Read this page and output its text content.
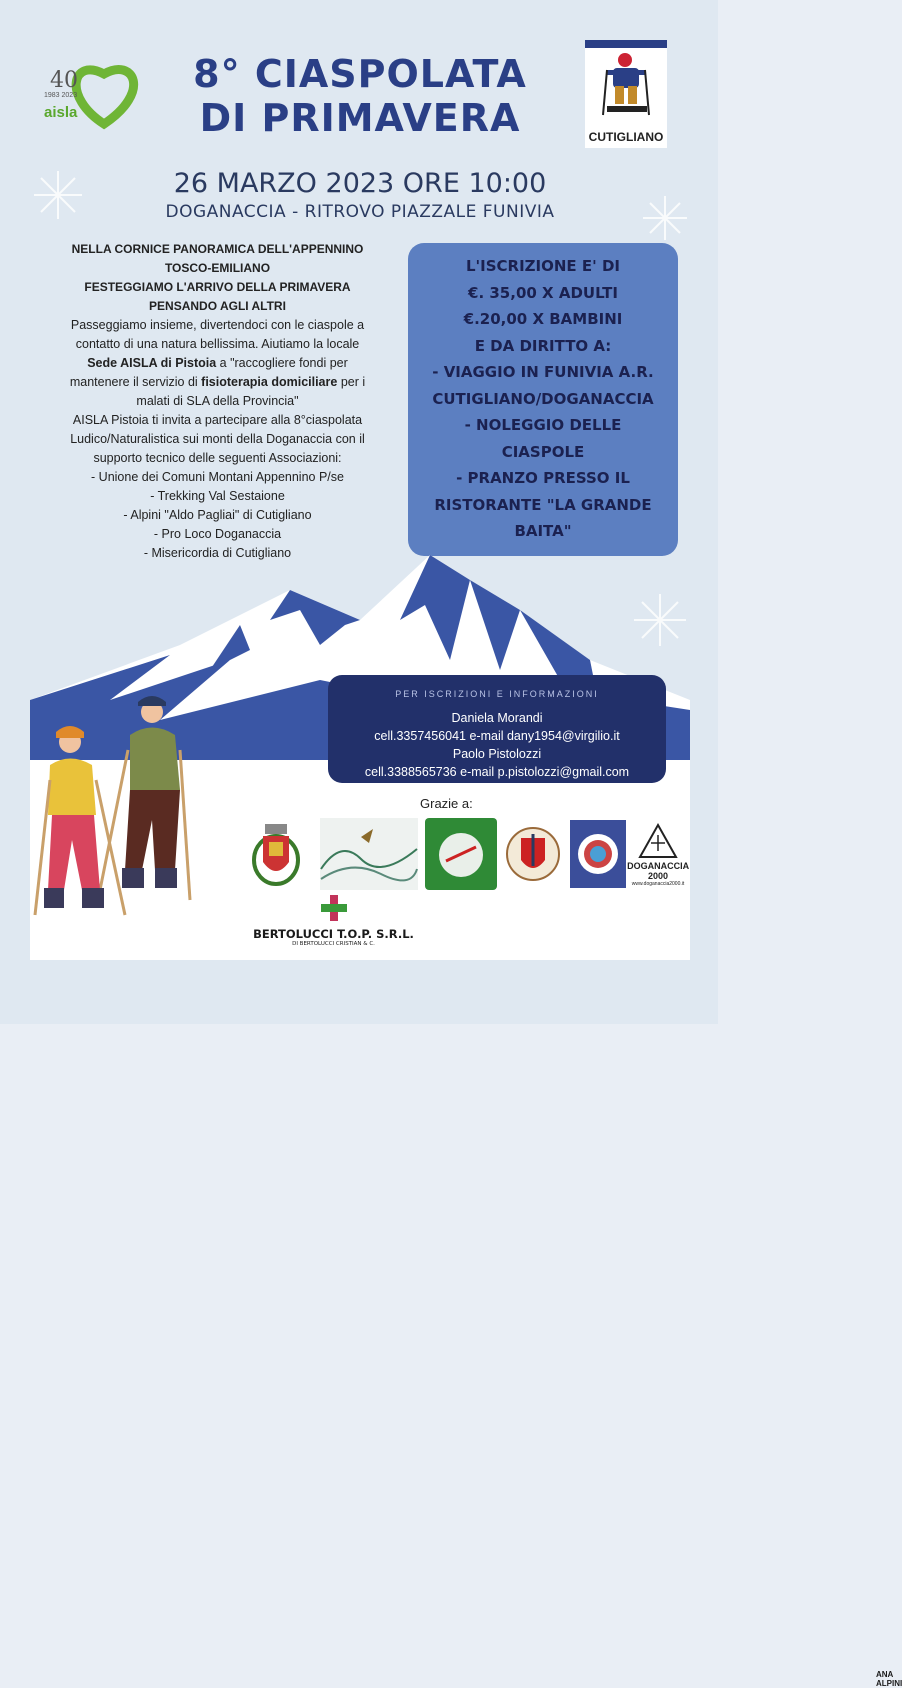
40
1983 2023
aisla
8° CIASPOLATA
DI PRIMAVERA	CUTIGLIANO
26 MARZO 2023 ORE 10:00
DOGANACCIA - RITROVO PIAZZALE FUNIVIA

NELLA CORNICE PANORAMICA DELL'APPENNINO

TOSCO-EMILIANO

FESTEGGIAMO L'ARRIVO DELLA PRIMAVERA

PENSANDO AGLI ALTRI

Passeggiamo insieme, divertendoci con le ciaspole a

contatto di una natura bellissima. Aiutiamo la locale

Sede AISLA di Pistoia a "raccogliere fondi per

mantenere il servizio di fisioterapia domiciliare per i

malati di SLA della Provincia"

AISLA Pistoia ti invita a partecipare alla 8°ciaspolata

Ludico/Naturalistica sui monti della Doganaccia con il

supporto tecnico delle seguenti Associazioni:

- Unione dei Comuni Montani Appennino P/se

- Trekking Val Sestaione

- Alpini "Aldo Pagliai" di Cutigliano

- Pro Loco Doganaccia

- Misericordia di Cutigliano

L'ISCRIZIONE E' DI
€. 35,00 X ADULTI
€.20,00 X BAMBINI
E DA DIRITTO A:
- VIAGGIO IN FUNIVIA A.R.
CUTIGLIANO/DOGANACCIA
- NOLEGGIO DELLE
CIASPOLE
- PRANZO PRESSO IL
RISTORANTE "LA GRANDE
BAITA"
PER ISCRIZIONI E INFORMAZIONI
Daniela Morandi
cell.3357456041 e-mail dany1954@virgilio.it
Paolo Pistolozzi
cell.3388565736 e-mail p.pistolozzi@gmail.com
Grazie a:
ANA ALPINI
DOGANACCIA 2000
www.doganaccia2000.it
BERTOLUCCI T.O.P. S.R.L.
DI BERTOLUCCI CRISTIAN & C.
